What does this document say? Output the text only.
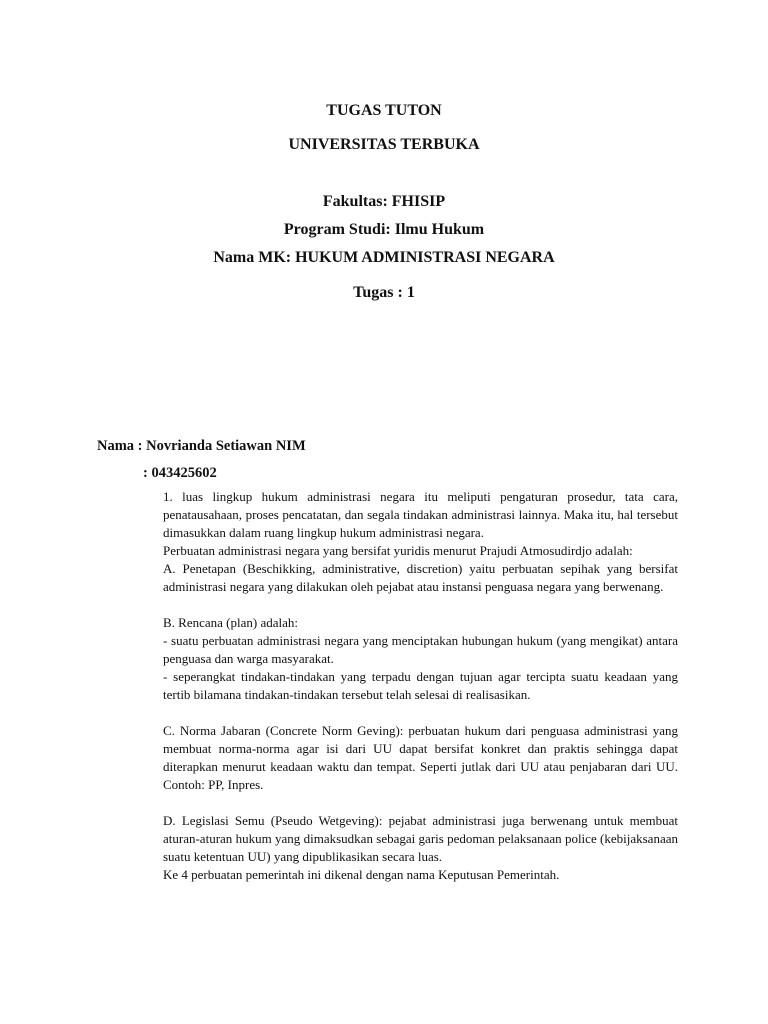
TUGAS TUTON
UNIVERSITAS TERBUKA
Fakultas: FHISIP
Program Studi: Ilmu Hukum
Nama MK: HUKUM ADMINISTRASI NEGARA
Tugas : 1
Nama : Novrianda Setiawan NIM
: 043425602

1. luas lingkup hukum administrasi negara itu meliputi pengaturan prosedur, tata cara, penatausahaan, proses pencatatan, dan segala tindakan administrasi lainnya. Maka itu, hal tersebut dimasukkan dalam ruang lingkup hukum administrasi negara.

Perbuatan administrasi negara yang bersifat yuridis menurut Prajudi Atmosudirdjo adalah:

A. Penetapan (Beschikking, administrative, discretion) yaitu perbuatan sepihak yang bersifat administrasi negara yang dilakukan oleh pejabat atau instansi penguasa negara yang berwenang.

B. Rencana (plan) adalah:

- suatu perbuatan administrasi negara yang menciptakan hubungan hukum (yang mengikat) antara penguasa dan warga masyarakat.

- seperangkat tindakan-tindakan yang terpadu dengan tujuan agar tercipta suatu keadaan yang tertib bilamana tindakan-tindakan tersebut telah selesai di realisasikan.

C. Norma Jabaran (Concrete Norm Geving): perbuatan hukum dari penguasa administrasi yang membuat norma-norma agar isi dari UU dapat bersifat konkret dan praktis sehingga dapat diterapkan menurut keadaan waktu dan tempat. Seperti jutlak dari UU atau penjabaran dari UU. Contoh: PP, Inpres.

D. Legislasi Semu (Pseudo Wetgeving): pejabat administrasi juga berwenang untuk membuat aturan-aturan hukum yang dimaksudkan sebagai garis pedoman pelaksanaan police (kebijaksanaan suatu ketentuan UU) yang dipublikasikan secara luas.

Ke 4 perbuatan pemerintah ini dikenal dengan nama Keputusan Pemerintah.
